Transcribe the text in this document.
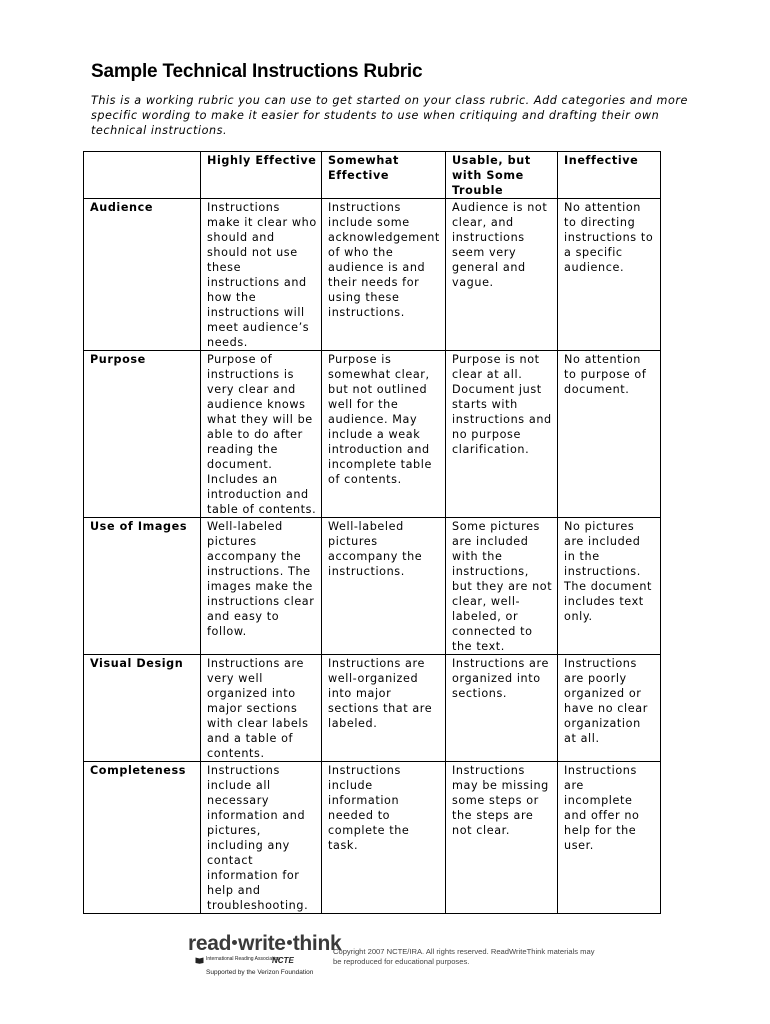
Sample Technical Instructions Rubric
This is a working rubric you can use to get started on your class rubric. Add categories and more specific wording to make it easier for students to use when critiquing and drafting their own technical instructions.
	Highly Effective	Somewhat Effective	Usable, but with Some Trouble	Ineffective
Audience	Instructions make it clear who should and should not use these instructions and how the instructions will meet audience’s needs.	Instructions include some acknowledgement of who the audience is and their needs for using these instructions.	Audience is not clear, and instructions seem very general and vague.	No attention to directing instructions to a specific audience.
Purpose	Purpose of instructions is very clear and audience knows what they will be able to do after reading the document. Includes an introduction and table of contents.	Purpose is somewhat clear, but not outlined well for the audience. May include a weak introduction and incomplete table of contents.	Purpose is not clear at all. Document just starts with instructions and no purpose clarification.	No attention to purpose of document.
Use of Images	Well-labeled pictures accompany the instructions. The images make the instructions clear and easy to follow.	Well-labeled pictures accompany the instructions.	Some pictures are included with the instructions, but they are not clear, well-labeled, or connected to the text.	No pictures are included in the instructions. The document includes text only.
Visual Design	Instructions are very well organized into major sections with clear labels and a table of contents.	Instructions are well-organized into major sections that are labeled.	Instructions are organized into sections.	Instructions are poorly organized or have no clear organization at all.
Completeness	Instructions include all necessary information and pictures, including any contact information for help and troubleshooting.	Instructions include information needed to complete the task.	Instructions may be missing some steps or the steps are not clear.	Instructions are incomplete and offer no help for the user.
read write think
International Reading Association
NCTE
Supported by the Verizon Foundation
Copyright 2007 NCTE/IRA. All rights reserved. ReadWriteThink materials may be reproduced for educational purposes.
